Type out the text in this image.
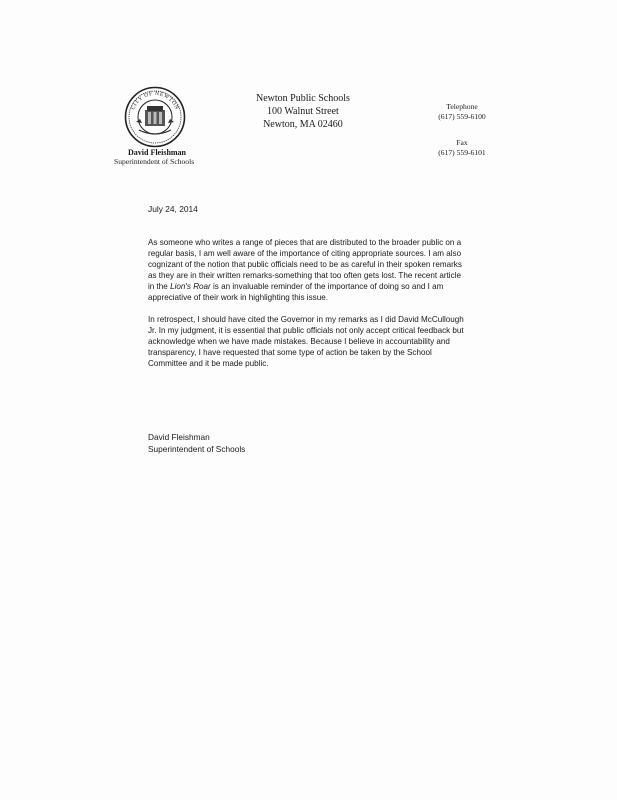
CITY OF NEWTON
David Fleishman
Superintendent of Schools
Newton Public Schools
100 Walnut Street
Newton, MA 02460
Telephone
(617) 559-6100
Fax
(617) 559-6101
July 24, 2014

As someone who writes a range of pieces that are distributed to the broader public on a regular basis, I am well aware of the importance of citing appropriate sources. I am also cognizant of the notion that public officials need to be as careful in their spoken remarks as they are in their written remarks-something that too often gets lost. The recent article in the Lion's Roar is an invaluable reminder of the importance of doing so and I am appreciative of their work in highlighting this issue.

In retrospect, I should have cited the Governor in my remarks as I did David McCullough Jr. In my judgment, it is essential that public officials not only accept critical feedback but acknowledge when we have made mistakes. Because I believe in accountability and transparency, I have requested that some type of action be taken by the School Committee and it be made public.

David Fleishman
Superintendent of Schools
